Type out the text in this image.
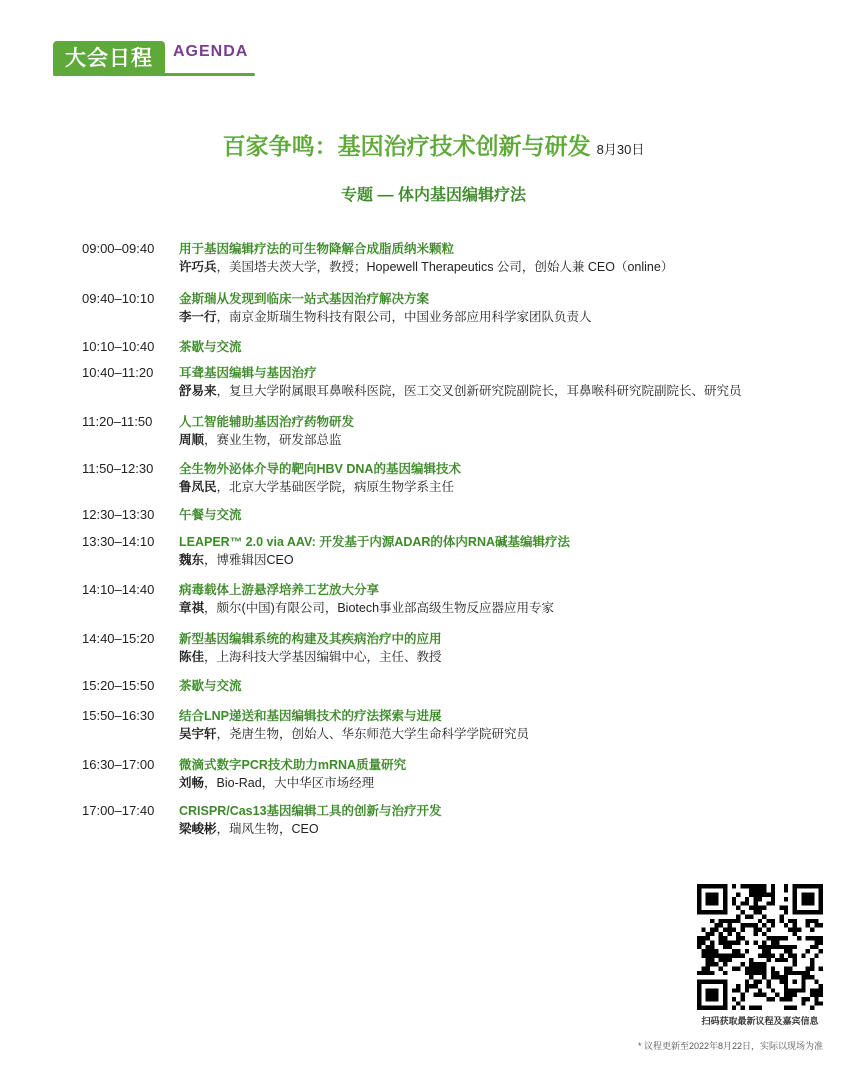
大会日程	AGENDA
百家争鸣：基因治疗技术创新与研发 8月30日
专题 — 体内基因编辑疗法
09:00–09:40	用于基因编辑疗法的可生物降解合成脂质纳米颗粒
许巧兵，美国塔夫茨大学，教授；Hopewell Therapeutics 公司，创始人兼 CEO（online）
09:40–10:10	金斯瑞从发现到临床一站式基因治疗解决方案
李一行，南京金斯瑞生物科技有限公司，中国业务部应用科学家团队负责人
10:10–10:40	茶歇与交流
10:40–11:20	耳聋基因编辑与基因治疗
舒易来，复旦大学附属眼耳鼻喉科医院，医工交叉创新研究院副院长，耳鼻喉科研究院副院长、研究员
11:20–11:50	人工智能辅助基因治疗药物研发
周顺，赛业生物，研发部总监
11:50–12:30	全生物外泌体介导的靶向HBV DNA的基因编辑技术
鲁凤民，北京大学基础医学院，病原生物学系主任
12:30–13:30	午餐与交流
13:30–14:10	LEAPER™ 2.0 via AAV: 开发基于内源ADAR的体内RNA碱基编辑疗法
魏东，博雅辑因CEO
14:10–14:40	病毒载体上游悬浮培养工艺放大分享
章祺，颇尔(中国)有限公司，Biotech事业部高级生物反应器应用专家
14:40–15:20	新型基因编辑系统的构建及其疾病治疗中的应用
陈佳，上海科技大学基因编辑中心，主任、教授
15:20–15:50	茶歇与交流
15:50–16:30	结合LNP递送和基因编辑技术的疗法探索与进展
吴宇轩，尧唐生物，创始人、华东师范大学生命科学学院研究员
16:30–17:00	微滴式数字PCR技术助力mRNA质量研究
刘畅，Bio-Rad，大中华区市场经理
17:00–17:40	CRISPR/Cas13基因编辑工具的创新与治疗开发
梁峻彬，瑞风生物，CEO
扫码获取最新议程及嘉宾信息
* 议程更新至2022年8月22日，实际以现场为准
